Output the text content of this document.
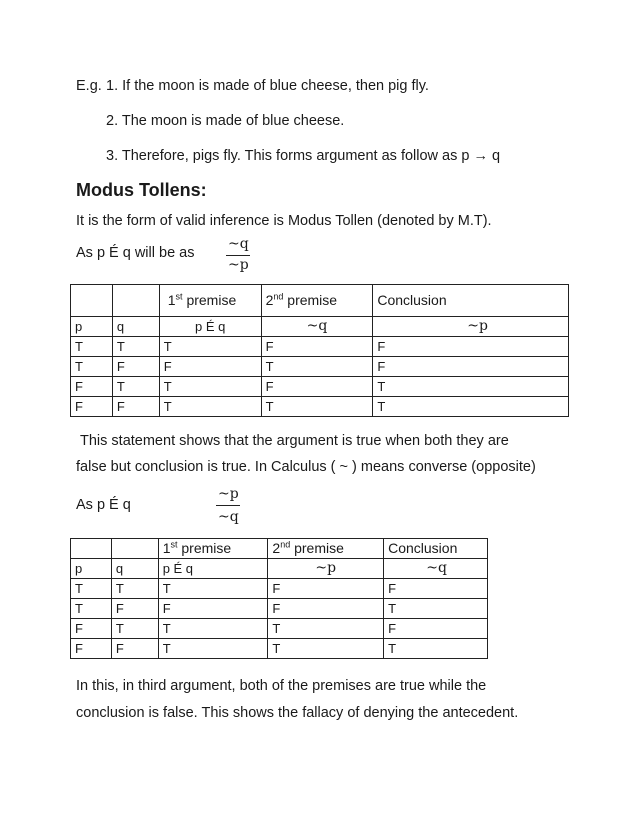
E.g. 1. If the moon is made of blue cheese, then pig fly.
2. The moon is made of blue cheese.
3. Therefore, pigs fly. This forms argument as follow as p → q
Modus Tollens:
It is the form of valid inference is Modus Tollen (denoted by M.T).
As p É q will be as
~q
~p
		1st premise	2nd premise	Conclusion
p	q	p É q	~q	~p
T	T	T	F	F
T	F	F	T	F
F	T	T	F	T
F	F	T	T	T
This statement shows that the argument is true when both they are
false but conclusion is true. In Calculus ( ~ ) means converse (opposite)
As p É q
~p
~q
		1st premise	2nd premise	Conclusion
p	q	p É q	~p	~q
T	T	T	F	F
T	F	F	F	T
F	T	T	T	F
F	F	T	T	T
In this, in third argument, both of the premises are true while the
conclusion is false. This shows the fallacy of denying the antecedent.
